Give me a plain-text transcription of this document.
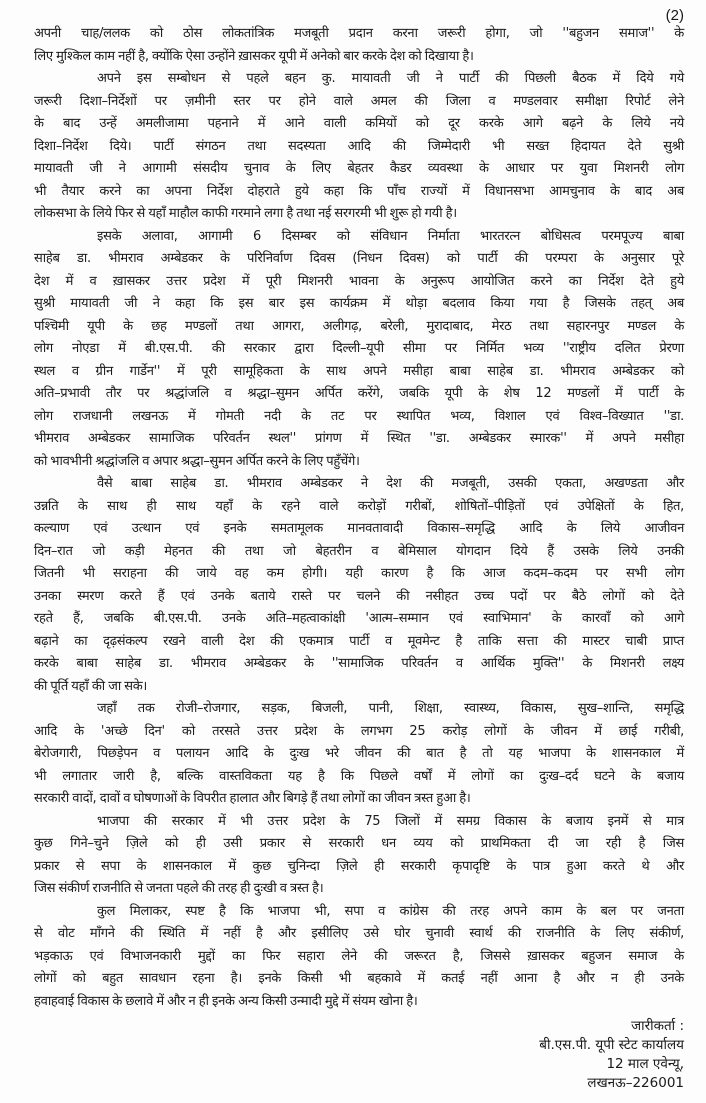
(2)
अपनी चाह/ललक को ठोस लोकतांत्रिक मजबूती प्रदान करना जरूरी होगा, जो ''बहुजन समाज'' के
लिए मुश्किल काम नहीं है, क्योंकि ऐसा उन्होंने ख़ासकर यूपी में अनेको बार करके देश को दिखाया है।
अपने इस सम्बोधन से पहले बहन कु. मायावती जी ने पार्टी की पिछली बैठक में दिये गये
जरूरी दिशा–निर्देशों पर ज़मीनी स्तर पर होने वाले अमल की जिला व मण्डलवार समीक्षा रिपोर्ट लेने
के बाद उन्हें अमलीजामा पहनाने में आने वाली कमियों को दूर करके आगे बढ़ने के लिये नये
दिशा–निर्देश दिये। पार्टी संगठन तथा सदस्यता आदि की जिम्मेदारी भी सख्त हिदायत देते सुश्री
मायावती जी ने आगामी संसदीय चुनाव के लिए बेहतर कैडर व्यवस्था के आधार पर युवा मिशनरी लोग
भी तैयार करने का अपना निर्देश दोहराते हुये कहा कि पाँच राज्यों में विधानसभा आमचुनाव के बाद अब
लोकसभा के लिये फिर से यहाँ माहौल काफी गरमाने लगा है तथा नई सरगरमी भी शुरू हो गयी है।
इसके अलावा, आगामी 6 दिसम्बर को संविधान निर्माता भारतरत्न बोधिसत्व परमपूज्य बाबा
साहेब डा. भीमराव अम्बेडकर के परिनिर्वाण दिवस (निधन दिवस) को पार्टी की परम्परा के अनुसार पूरे
देश में व ख़ासकर उत्तर प्रदेश में पूरी मिशनरी भावना के अनुरूप आयोजित करने का निर्देश देते हुये
सुश्री मायावती जी ने कहा कि इस बार इस कार्यक्रम में थोड़ा बदलाव किया गया है जिसके तहत् अब
पश्चिमी यूपी के छह मण्डलों तथा आगरा, अलीगढ़, बरेली, मुरादाबाद, मेरठ तथा सहारनपुर मण्डल के
लोग नोएडा में बी.एस.पी. की सरकार द्वारा दिल्ली–यूपी सीमा पर निर्मित भव्य ''राष्ट्रीय दलित प्रेरणा
स्थल व ग्रीन गार्डेन'' में पूरी सामूहिकता के साथ अपने मसीहा बाबा साहेब डा. भीमराव अम्बेडकर को
अति–प्रभावी तौर पर श्रद्धांजलि व श्रद्धा–सुमन अर्पित करेंगे, जबकि यूपी के शेष 12 मण्डलों में पार्टी के
लोग राजधानी लखनऊ में गोमती नदी के तट पर स्थापित भव्य, विशाल एवं विश्व–विख्यात ''डा.
भीमराव अम्बेडकर सामाजिक परिवर्तन स्थल'' प्रांगण में स्थित ''डा. अम्बेडकर स्मारक'' में अपने मसीहा
को भावभीनी श्रद्धांजलि व अपार श्रद्धा–सुमन अर्पित करने के लिए पहुँचेंगे।
वैसे बाबा साहेब डा. भीमराव अम्बेडकर ने देश की मजबूती, उसकी एकता, अखण्डता और
उन्नति के साथ ही साथ यहाँ के रहने वाले करोड़ों गरीबों, शोषितों–पीड़ितों एवं उपेक्षितों के हित,
कल्याण एवं उत्थान एवं इनके समतामूलक मानवतावादी विकास–समृद्धि आदि के लिये आजीवन
दिन–रात जो कड़ी मेहनत की तथा जो बेहतरीन व बेमिसाल योगदान दिये हैं उसके लिये उनकी
जितनी भी सराहना की जाये वह कम होगी। यही कारण है कि आज कदम–कदम पर सभी लोग
उनका स्मरण करते हैं एवं उनके बताये रास्ते पर चलने की नसीहत उच्च पदों पर बैठे लोगों को देते
रहते हैं, जबकि बी.एस.पी. उनके अति–महत्वाकांक्षी 'आत्म–सम्मान एवं स्वाभिमान' के कारवाँ को आगे
बढ़ाने का दृढ़संकल्प रखने वाली देश की एकमात्र पार्टी व मूवमेन्ट है ताकि सत्ता की मास्टर चाबी प्राप्त
करके बाबा साहेब डा. भीमराव अम्बेडकर के ''सामाजिक परिवर्तन व आर्थिक मुक्ति'' के मिशनरी लक्ष्य
की पूर्ति यहाँ की जा सके।
जहाँ तक रोजी–रोजगार, सड़क, बिजली, पानी, शिक्षा, स्वास्थ्य, विकास, सुख–शान्ति, समृद्धि
आदि के 'अच्छे दिन' को तरसते उत्तर प्रदेश के लगभग 25 करोड़ लोगों के जीवन में छाई गरीबी,
बेरोजगारी, पिछड़ेपन व पलायन आदि के दुःख भरे जीवन की बात है तो यह भाजपा के शासनकाल में
भी लगातार जारी है, बल्कि वास्तविकता यह है कि पिछले वर्षों में लोगों का दुःख–दर्द घटने के बजाय
सरकारी वादों, दावों व घोषणाओं के विपरीत हालात और बिगड़े हैं तथा लोगों का जीवन त्रस्त हुआ है।
भाजपा की सरकार में भी उत्तर प्रदेश के 75 जिलों में समग्र विकास के बजाय इनमें से मात्र
कुछ गिने–चुने ज़िले को ही उसी प्रकार से सरकारी धन व्यय को प्राथमिकता दी जा रही है जिस
प्रकार से सपा के शासनकाल में कुछ चुनिन्दा ज़िले ही सरकारी कृपादृष्टि के पात्र हुआ करते थे और
जिस संकीर्ण राजनीति से जनता पहले की तरह ही दुःखी व त्रस्त है।
कुल मिलाकर, स्पष्ट है कि भाजपा भी, सपा व कांग्रेस की तरह अपने काम के बल पर जनता
से वोट माँगने की स्थिति में नहीं है और इसीलिए उसे घोर चुनावी स्वार्थ की राजनीति के लिए संकीर्ण,
भड़काऊ एवं विभाजनकारी मुद्दों का फिर सहारा लेने की जरूरत है, जिससे ख़ासकर बहुजन समाज के
लोगों को बहुत सावधान रहना है। इनके किसी भी बहकावे में कतई नहीं आना है और न ही उनके
हवाहवाई विकास के छलावे में और न ही इनके अन्य किसी उन्मादी मुद्दे में संयम खोना है।
जारीकर्ता :
बी.एस.पी. यूपी स्टेट कार्यालय
12 माल एवेन्यू,
लखनऊ–226001
